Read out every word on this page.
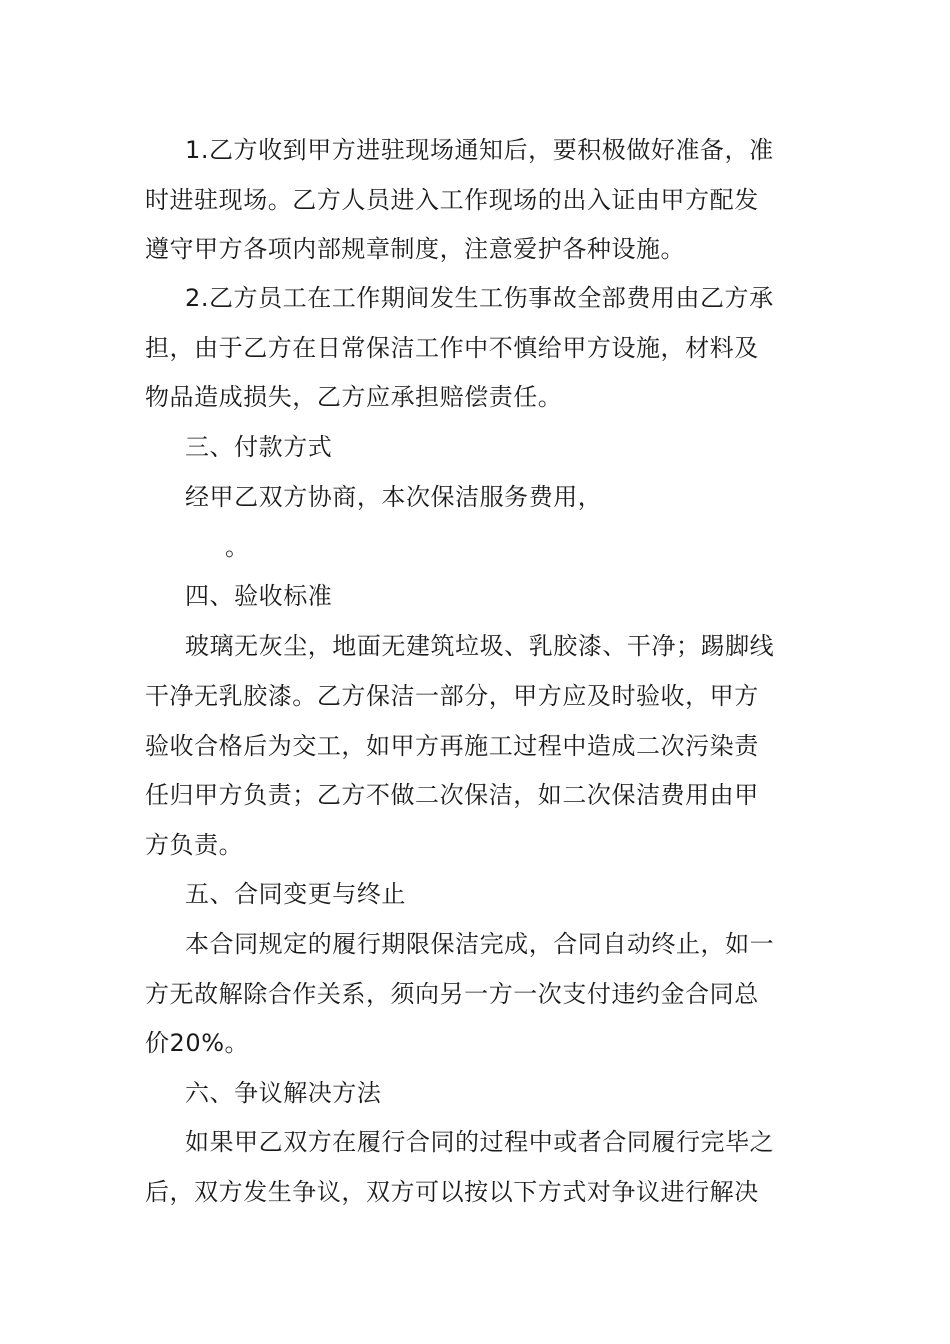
1.乙方收到甲方进驻现场通知后，要积极做好准备，准
时进驻现场。乙方人员进入工作现场的出入证由甲方配发
遵守甲方各项内部规章制度，注意爱护各种设施。
2.乙方员工在工作期间发生工伤事故全部费用由乙方承
担，由于乙方在日常保洁工作中不慎给甲方设施，材料及
物品造成损失，乙方应承担赔偿责任。
三、付款方式
经甲乙双方协商，本次保洁服务费用，
。
四、验收标准
玻璃无灰尘，地面无建筑垃圾、乳胶漆、干净；踢脚线
干净无乳胶漆。乙方保洁一部分，甲方应及时验收，甲方
验收合格后为交工，如甲方再施工过程中造成二次污染责
任归甲方负责；乙方不做二次保洁，如二次保洁费用由甲
方负责。
五、合同变更与终止
本合同规定的履行期限保洁完成，合同自动终止，如一
方无故解除合作关系，须向另一方一次支付违约金合同总
价20%。
六、争议解决方法
如果甲乙双方在履行合同的过程中或者合同履行完毕之
后，双方发生争议，双方可以按以下方式对争议进行解决
